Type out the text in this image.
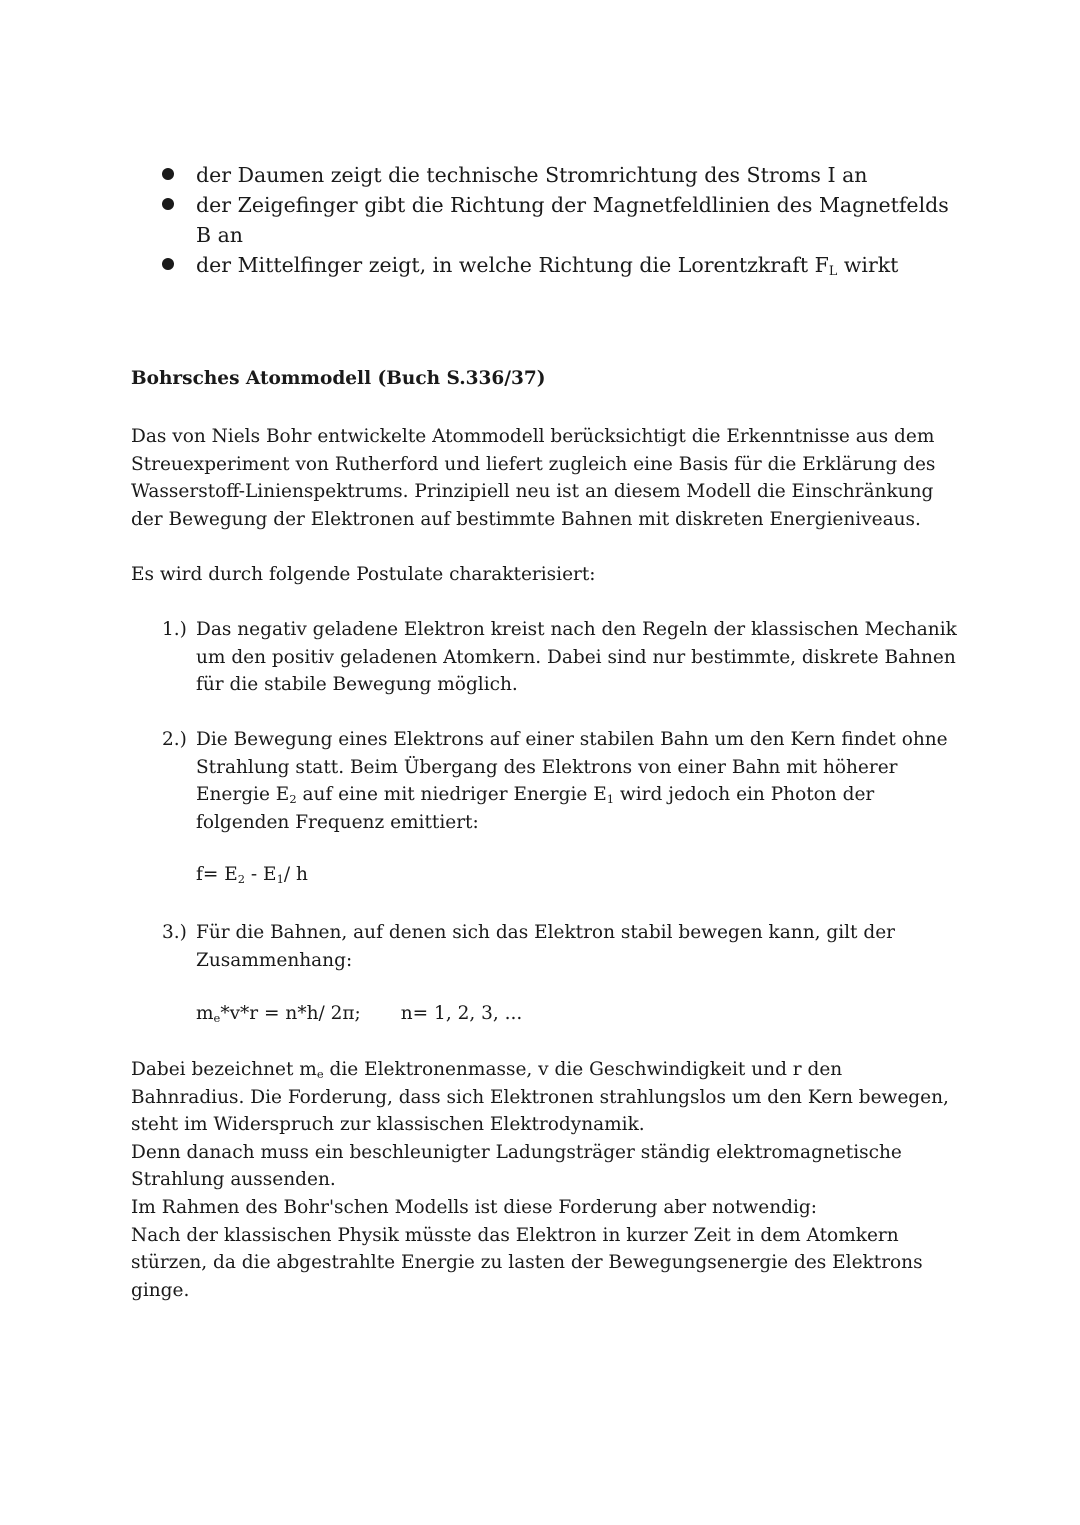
der Daumen zeigt die technische Stromrichtung des Stroms I an
der Zeigefinger gibt die Richtung der Magnetfeldlinien des Magnetfelds B an
der Mittelfinger zeigt, in welche Richtung die Lorentzkraft $F_L$ wirkt
Bohrsches Atommodell (Buch S.336/37)

Das von Niels Bohr entwickelte Atommodell berücksichtigt die Erkenntnisse aus dem Streuexperiment von Rutherford und liefert zugleich eine Basis für die Erklärung des Wasserstoff-Linienspektrums. Prinzipiell neu ist an diesem Modell die Einschränkung der Bewegung der Elektronen auf bestimmte Bahnen mit diskreten Energieniveaus.

Es wird durch folgende Postulate charakterisiert:

1.) Das negativ geladene Elektron kreist nach den Regeln der klassischen Mechanik um den positiv geladenen Atomkern. Dabei sind nur bestimmte, diskrete Bahnen für die stabile Bewegung möglich.
2.) Die Bewegung eines Elektrons auf einer stabilen Bahn um den Kern findet ohne Strahlung statt. Beim Übergang des Elektrons von einer Bahn mit höherer Energie $E_2$ auf eine mit niedriger Energie $E_1$ wird jedoch ein Photon der folgenden Frequenz emittiert:
$f= E_2 - E_1/$ h
3.) Für die Bahnen, auf denen sich das Elektron stabil bewegen kann, gilt der Zusammenhang:
$m_e*v*r = n*h/$ 2π; n= 1, 2, 3, ...
Dabei bezeichnet $m_e$ die Elektronenmasse, v die Geschwindigkeit und r den Bahnradius. Die Forderung, dass sich Elektronen strahlungslos um den Kern bewegen, steht im Widerspruch zur klassischen Elektrodynamik.
Denn danach muss ein beschleunigter Ladungsträger ständig elektromagnetische Strahlung aussenden.
Im Rahmen des Bohr'schen Modells ist diese Forderung aber notwendig:
Nach der klassischen Physik müsste das Elektron in kurzer Zeit in dem Atomkern stürzen, da die abgestrahlte Energie zu lasten der Bewegungsenergie des Elektrons ginge.
